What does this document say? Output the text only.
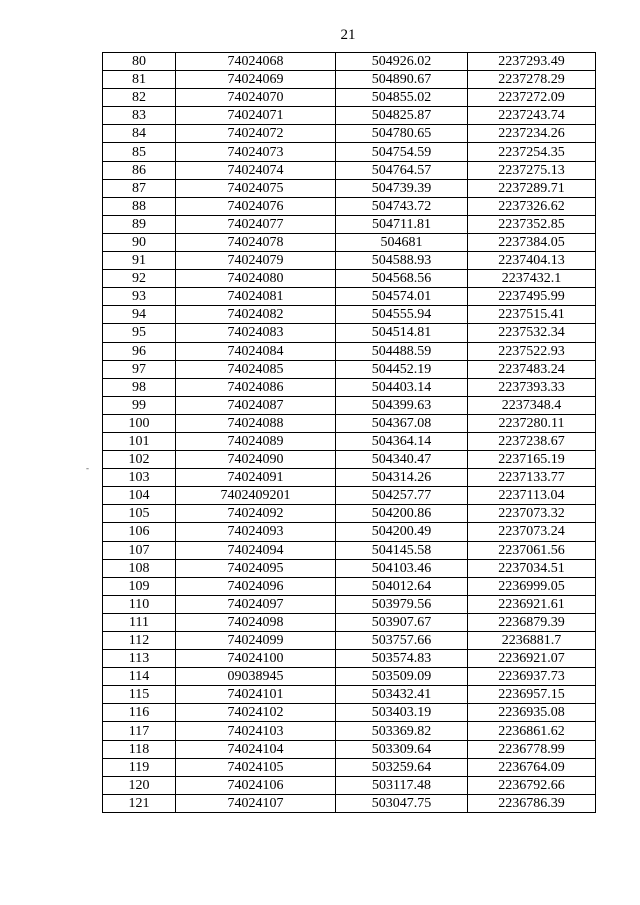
21
-
80	74024068	504926.02	2237293.49
81	74024069	504890.67	2237278.29
82	74024070	504855.02	2237272.09
83	74024071	504825.87	2237243.74
84	74024072	504780.65	2237234.26
85	74024073	504754.59	2237254.35
86	74024074	504764.57	2237275.13
87	74024075	504739.39	2237289.71
88	74024076	504743.72	2237326.62
89	74024077	504711.81	2237352.85
90	74024078	504681	2237384.05
91	74024079	504588.93	2237404.13
92	74024080	504568.56	2237432.1
93	74024081	504574.01	2237495.99
94	74024082	504555.94	2237515.41
95	74024083	504514.81	2237532.34
96	74024084	504488.59	2237522.93
97	74024085	504452.19	2237483.24
98	74024086	504403.14	2237393.33
99	74024087	504399.63	2237348.4
100	74024088	504367.08	2237280.11
101	74024089	504364.14	2237238.67
102	74024090	504340.47	2237165.19
103	74024091	504314.26	2237133.77
104	7402409201	504257.77	2237113.04
105	74024092	504200.86	2237073.32
106	74024093	504200.49	2237073.24
107	74024094	504145.58	2237061.56
108	74024095	504103.46	2237034.51
109	74024096	504012.64	2236999.05
110	74024097	503979.56	2236921.61
111	74024098	503907.67	2236879.39
112	74024099	503757.66	2236881.7
113	74024100	503574.83	2236921.07
114	09038945	503509.09	2236937.73
115	74024101	503432.41	2236957.15
116	74024102	503403.19	2236935.08
117	74024103	503369.82	2236861.62
118	74024104	503309.64	2236778.99
119	74024105	503259.64	2236764.09
120	74024106	503117.48	2236792.66
121	74024107	503047.75	2236786.39
